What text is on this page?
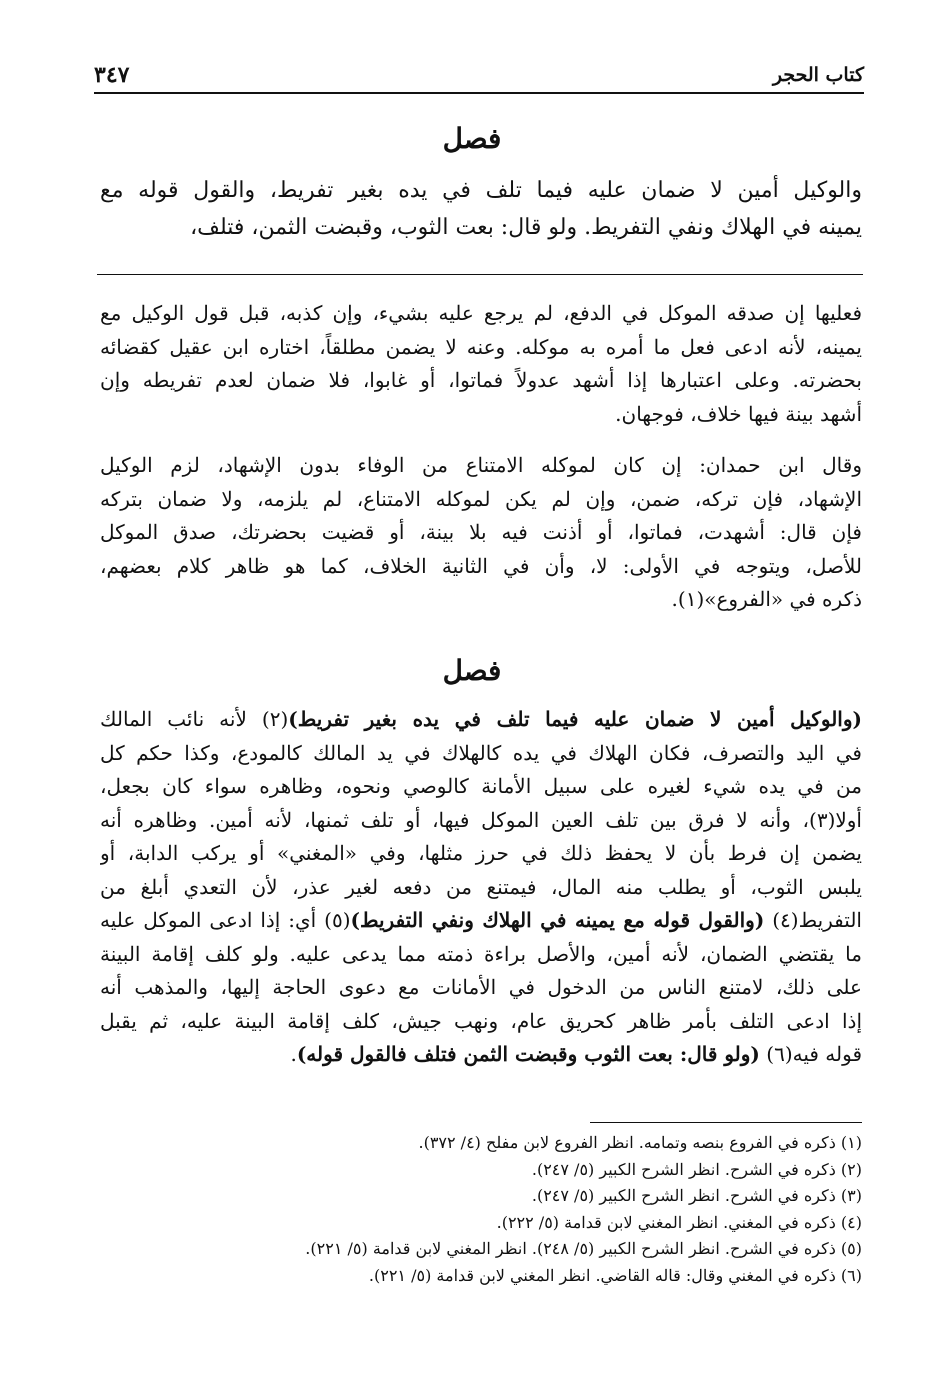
كتاب الحجر
٣٤٧
فصل
والوكيل أمين لا ضمان عليه فيما تلف في يده بغير تفريط، والقول قوله مع
يمينه في الهلاك ونفي التفريط. ولو قال: بعت الثوب، وقبضت الثمن، فتلف،
فعليها إن صدقه الموكل في الدفع، لم يرجع عليه بشيء، وإن كذبه، قبل قول الوكيل مع
يمينه، لأنه ادعى فعل ما أمره به موكله. وعنه لا يضمن مطلقاً، اختاره ابن عقيل كقضائه
بحضرته. وعلى اعتبارها إذا أشهد عدولاً فماتوا، أو غابوا، فلا ضمان لعدم تفريطه وإن
أشهد بينة فيها خلاف، فوجهان.
وقال ابن حمدان: إن كان لموكله الامتناع من الوفاء بدون الإشهاد، لزم الوكيل
الإشهاد، فإن تركه، ضمن، وإن لم يكن لموكله الامتناع، لم يلزمه، ولا ضمان بتركه
فإن قال: أشهدت، فماتوا، أو أذنت فيه بلا بينة، أو قضيت بحضرتك، صدق الموكل
للأصل، ويتوجه في الأولى: لا، وأن في الثانية الخلاف، كما هو ظاهر كلام بعضهم،
ذكره في «الفروع»(١).
فصل
(والوكيل أمين لا ضمان عليه فيما تلف في يده بغير تفريط)(٢) لأنه نائب المالك
في اليد والتصرف، فكان الهلاك في يده كالهلاك في يد المالك كالمودع، وكذا حكم كل
من في يده شيء لغيره على سبيل الأمانة كالوصي ونحوه، وظاهره سواء كان بجعل،
أولا(٣)، وأنه لا فرق بين تلف العين الموكل فيها، أو تلف ثمنها، لأنه أمين. وظاهره أنه
يضمن إن فرط بأن لا يحفظ ذلك في حرز مثلها، وفي «المغني» أو يركب الدابة، أو
يلبس الثوب، أو يطلب منه المال، فيمتنع من دفعه لغير عذر، لأن التعدي أبلغ من
التفريط(٤) (والقول قوله مع يمينه في الهلاك ونفي التفريط)(٥) أي: إذا ادعى الموكل عليه
ما يقتضي الضمان، لأنه أمين، والأصل براءة ذمته مما يدعى عليه. ولو كلف إقامة البينة
على ذلك، لامتنع الناس من الدخول في الأمانات مع دعوى الحاجة إليها، والمذهب أنه
إذا ادعى التلف بأمر ظاهر كحريق عام، ونهب جيش، كلف إقامة البينة عليه، ثم يقبل
قوله فيه(٦) (ولو قال: بعت الثوب وقبضت الثمن فتلف فالقول قوله).
(١) ذكره في الفروع بنصه وتمامه. انظر الفروع لابن مفلح (٤/ ٣٧٢).
(٢) ذكره في الشرح. انظر الشرح الكبير (٥/ ٢٤٧).
(٣) ذكره في الشرح. انظر الشرح الكبير (٥/ ٢٤٧).
(٤) ذكره في المغني. انظر المغني لابن قدامة (٥/ ٢٢٢).
(٥) ذكره في الشرح. انظر الشرح الكبير (٥/ ٢٤٨). انظر المغني لابن قدامة (٥/ ٢٢١).
(٦) ذكره في المغني وقال: قاله القاضي. انظر المغني لابن قدامة (٥/ ٢٢١).
